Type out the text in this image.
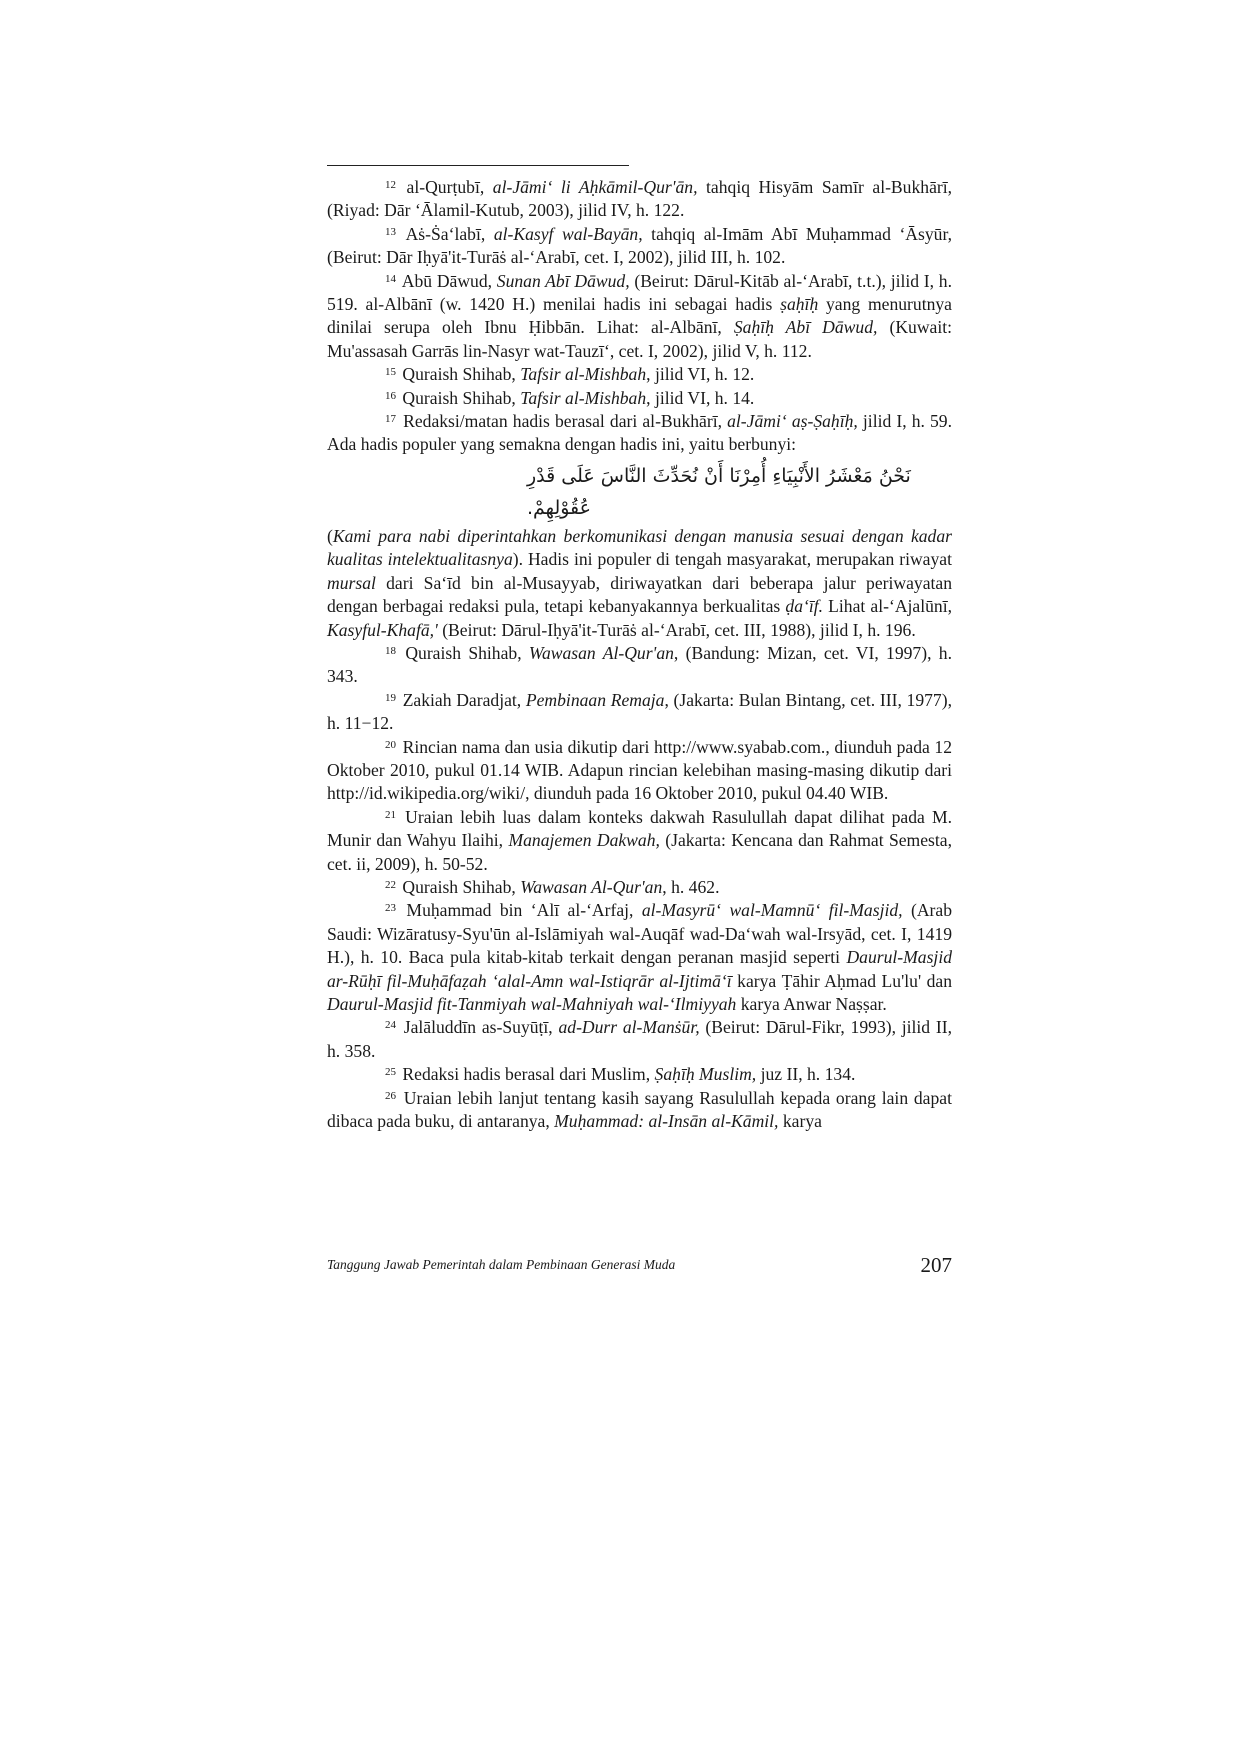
$^{12}$ al-Qurṭubī, al-Jāmi‘ li Aḥkāmil-Qur'ān, tahqiq Hisyām Samīr al-Bukhārī, (Riyad: Dār ‘Ālamil-Kutub, 2003), jilid IV, h. 122.

$^{13}$ Aṡ-Ṡa‘labī, al-Kasyf wal-Bayān, tahqiq al-Imām Abī Muḥammad ‘Āsyūr, (Beirut: Dār Iḥyā'it-Turāṡ al-‘Arabī, cet. I, 2002), jilid III, h. 102.

$^{14}$ Abū Dāwud, Sunan Abī Dāwud, (Beirut: Dārul-Kitāb al-‘Arabī, t.t.), jilid I, h. 519. al-Albānī (w. 1420 H.) menilai hadis ini sebagai hadis ṣaḥīḥ yang menurutnya dinilai serupa oleh Ibnu Ḥibbān. Lihat: al-Albānī, Ṣaḥīḥ Abī Dāwud, (Kuwait: Mu'assasah Garrās lin-Nasyr wat-Tauzī‘, cet. I, 2002), jilid V, h. 112.

$^{15}$ Quraish Shihab, Tafsir al-Mishbah, jilid VI, h. 12.

$^{16}$ Quraish Shihab, Tafsir al-Mishbah, jilid VI, h. 14.

$^{17}$ Redaksi/matan hadis berasal dari al-Bukhārī, al-Jāmi‘ aṣ-Ṣaḥīḥ, jilid I, h. 59. Ada hadis populer yang semakna dengan hadis ini, yaitu berbunyi:

نَحْنُ مَعْشَرُ الأَنْبِيَاءِ أُمِرْنَا أَنْ نُحَدِّثَ النَّاسَ عَلَى قَدْرِ عُقُوْلِهِمْ.

(Kami para nabi diperintahkan berkomunikasi dengan manusia sesuai dengan kadar kualitas intelektualitasnya). Hadis ini populer di tengah masyarakat, merupakan riwayat mursal dari Sa‘īd bin al-Musayyab, diriwayatkan dari beberapa jalur periwayatan dengan berbagai redaksi pula, tetapi kebanyakannya berkualitas ḍa‘īf. Lihat al-‘Ajalūnī, Kasyful-Khafā,' (Beirut: Dārul-Iḥyā'it-Turāṡ al-‘Arabī, cet. III, 1988), jilid I, h. 196.

$^{18}$ Quraish Shihab, Wawasan Al-Qur'an, (Bandung: Mizan, cet. VI, 1997), h. 343.

$^{19}$ Zakiah Daradjat, Pembinaan Remaja, (Jakarta: Bulan Bintang, cet. III, 1977), h. 11−12.

$^{20}$ Rincian nama dan usia dikutip dari http://www.syabab.com., diunduh pada 12 Oktober 2010, pukul 01.14 WIB. Adapun rincian kelebihan masing-masing dikutip dari http://id.wikipedia.org/wiki/, diunduh pada 16 Oktober 2010, pukul 04.40 WIB.

$^{21}$ Uraian lebih luas dalam konteks dakwah Rasulullah dapat dilihat pada M. Munir dan Wahyu Ilaihi, Manajemen Dakwah, (Jakarta: Kencana dan Rahmat Semesta, cet. ii, 2009), h. 50-52.

$^{22}$ Quraish Shihab, Wawasan Al-Qur'an, h. 462.

$^{23}$ Muḥammad bin ‘Alī al-‘Arfaj, al-Masyrū‘ wal-Mamnū‘ fil-Masjid, (Arab Saudi: Wizāratusy-Syu'ūn al-Islāmiyah wal-Auqāf wad-Da‘wah wal-Irsyād, cet. I, 1419 H.), h. 10. Baca pula kitab-kitab terkait dengan peranan masjid seperti Daurul-Masjid ar-Rūḥī fil-Muḥāfaẓah ‘alal-Amn wal-Istiqrār al-Ijtimā‘ī karya Ṭāhir Aḥmad Lu'lu' dan Daurul-Masjid fit-Tanmiyah wal-Mahniyah wal-‘Ilmiyyah karya Anwar Naṣṣar.

$^{24}$ Jalāluddīn as-Suyūṭī, ad-Durr al-Manṡūr, (Beirut: Dārul-Fikr, 1993), jilid II, h. 358.

$^{25}$ Redaksi hadis berasal dari Muslim, Ṣaḥīḥ Muslim, juz II, h. 134.

$^{26}$ Uraian lebih lanjut tentang kasih sayang Rasulullah kepada orang lain dapat dibaca pada buku, di antaranya, Muḥammad: al-Insān al-Kāmil, karya

Tanggung Jawab Pemerintah dalam Pembinaan Generasi Muda	207
